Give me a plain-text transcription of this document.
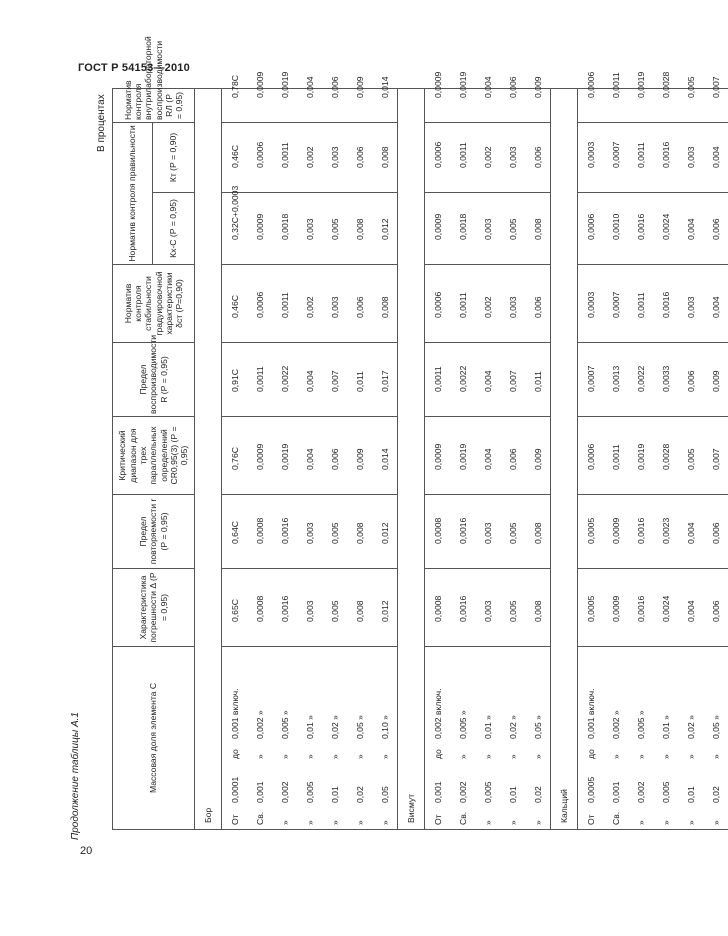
ГОСТ Р 54153—2010
Продолжение таблицы А.1
20
В процентах
Массовая доля элемента С	Характеристика погрешности Δ (Р = 0,95)	Предел повторяемости r (Р = 0,95)	Критический диапазон для трех параллельных определений CR0,95(3) (Р = 0,95)	Предел воспроизводимости R (Р = 0,95)	Норматив контроля стабильности градуировочной характеристики δст (Р=0,90)	Норматив контроля правильности		Норматив контроля внутрилабораторной воспроизводимости RЛ (Р = 0,95)
						Кх-С (Р = 0,95)	Кт (Р = 0,90)	
Бор								
От0,0001до0,001 включ.	0,65С	0,64С	0,76С	0,91С	0,46С	0,32С+0,0003	0,46С	0,78С
Св.0,001»0,002 »	0,0008	0,0008	0,0009	0,0011	0,0006	0,0009	0,0006	0,0009
»0,002»0,005 »	0,0016	0,0016	0,0019	0,0022	0,0011	0,0018	0,0011	0,0019
»0,005»0,01 »	0,003	0,003	0,004	0,004	0,002	0,003	0,002	0,004
»0,01»0,02 »	0,005	0,005	0,006	0,007	0,003	0,005	0,003	0,006
»0,02»0,05 »	0,008	0,008	0,009	0,011	0,006	0,008	0,006	0,009
»0,05»0,10 »	0,012	0,012	0,014	0,017	0,008	0,012	0,008	0,014
Висмут								
От0,001до0,002 включ.	0,0008	0,0008	0,0009	0,0011	0,0006	0,0009	0,0006	0,0009
Св.0,002»0,005 »	0,0016	0,0016	0,0019	0,0022	0,0011	0,0018	0,0011	0,0019
»0,005»0,01 »	0,003	0,003	0,004	0,004	0,002	0,003	0,002	0,004
»0,01»0,02 »	0,005	0,005	0,006	0,007	0,003	0,005	0,003	0,006
»0,02»0,05 »	0,008	0,008	0,009	0,011	0,006	0,008	0,006	0,009
Кальций								
От0,0005до0,001 включ.	0,0005	0,0005	0,0006	0,0007	0,0003	0,0006	0,0003	0,0006
Св.0,001»0,002 »	0,0009	0,0009	0,0011	0,0013	0,0007	0,0010	0,0007	0,0011
»0,002»0,005 »	0,0016	0,0016	0,0019	0,0022	0,0011	0,0016	0,0011	0,0019
»0,005»0,01 »	0,0024	0,0023	0,0028	0,0033	0,0016	0,0024	0,0016	0,0028
»0,01»0,02 »	0,004	0,004	0,005	0,006	0,003	0,004	0,003	0,005
»0,02»0,05 »	0,006	0,006	0,007	0,009	0,004	0,006	0,004	0,007
